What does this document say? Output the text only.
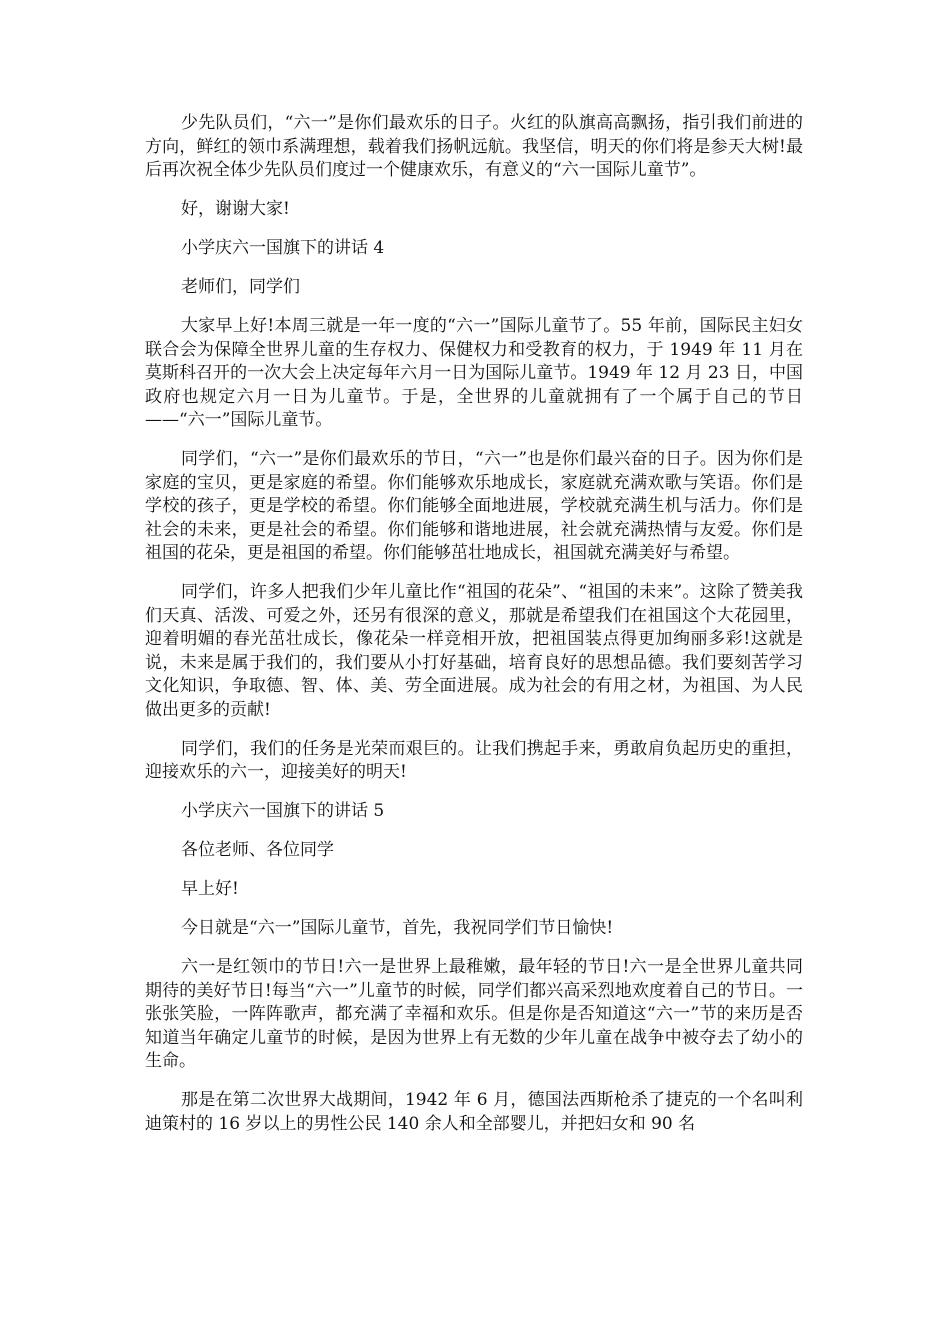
少先队员们，“六一”是你们最欢乐的日子。火红的队旗高高飘扬，指引我们前进的方向，鲜红的领巾系满理想，载着我们扬帆远航。我坚信，明天的你们将是参天大树!最后再次祝全体少先队员们度过一个健康欢乐，有意义的“六一国际儿童节”。

好，谢谢大家!

小学庆六一国旗下的讲话 4

老师们，同学们

大家早上好!本周三就是一年一度的“六一”国际儿童节了。55 年前，国际民主妇女联合会为保障全世界儿童的生存权力、保健权力和受教育的权力，于 1949 年 11 月在莫斯科召开的一次大会上决定每年六月一日为国际儿童节。1949 年 12 月 23 日，中国政府也规定六月一日为儿童节。于是，全世界的儿童就拥有了一个属于自己的节日——“六一”国际儿童节。

同学们，“六一”是你们最欢乐的节日，“六一”也是你们最兴奋的日子。因为你们是家庭的宝贝，更是家庭的希望。你们能够欢乐地成长，家庭就充满欢歌与笑语。你们是学校的孩子，更是学校的希望。你们能够全面地进展，学校就充满生机与活力。你们是社会的未来，更是社会的希望。你们能够和谐地进展，社会就充满热情与友爱。你们是祖国的花朵，更是祖国的希望。你们能够茁壮地成长，祖国就充满美好与希望。

同学们，许多人把我们少年儿童比作“祖国的花朵”、“祖国的未来”。这除了赞美我们天真、活泼、可爱之外，还另有很深的意义，那就是希望我们在祖国这个大花园里，迎着明媚的春光茁壮成长，像花朵一样竞相开放，把祖国装点得更加绚丽多彩!这就是说，未来是属于我们的，我们要从小打好基础，培育良好的思想品德。我们要刻苦学习文化知识，争取德、智、体、美、劳全面进展。成为社会的有用之材，为祖国、为人民做出更多的贡献!

同学们，我们的任务是光荣而艰巨的。让我们携起手来，勇敢肩负起历史的重担，迎接欢乐的六一，迎接美好的明天!

小学庆六一国旗下的讲话 5

各位老师、各位同学

早上好!

今日就是“六一”国际儿童节，首先，我祝同学们节日愉快!

六一是红领巾的节日!六一是世界上最稚嫩，最年轻的节日!六一是全世界儿童共同期待的美好节日!每当“六一”儿童节的时候，同学们都兴高采烈地欢度着自己的节日。一张张笑脸，一阵阵歌声，都充满了幸福和欢乐。但是你是否知道这“六一”节的来历是否知道当年确定儿童节的时候，是因为世界上有无数的少年儿童在战争中被夺去了幼小的生命。

那是在第二次世界大战期间，1942 年 6 月，德国法西斯枪杀了捷克的一个名叫利迪策村的 16 岁以上的男性公民 140 余人和全部婴儿，并把妇女和 90 名
